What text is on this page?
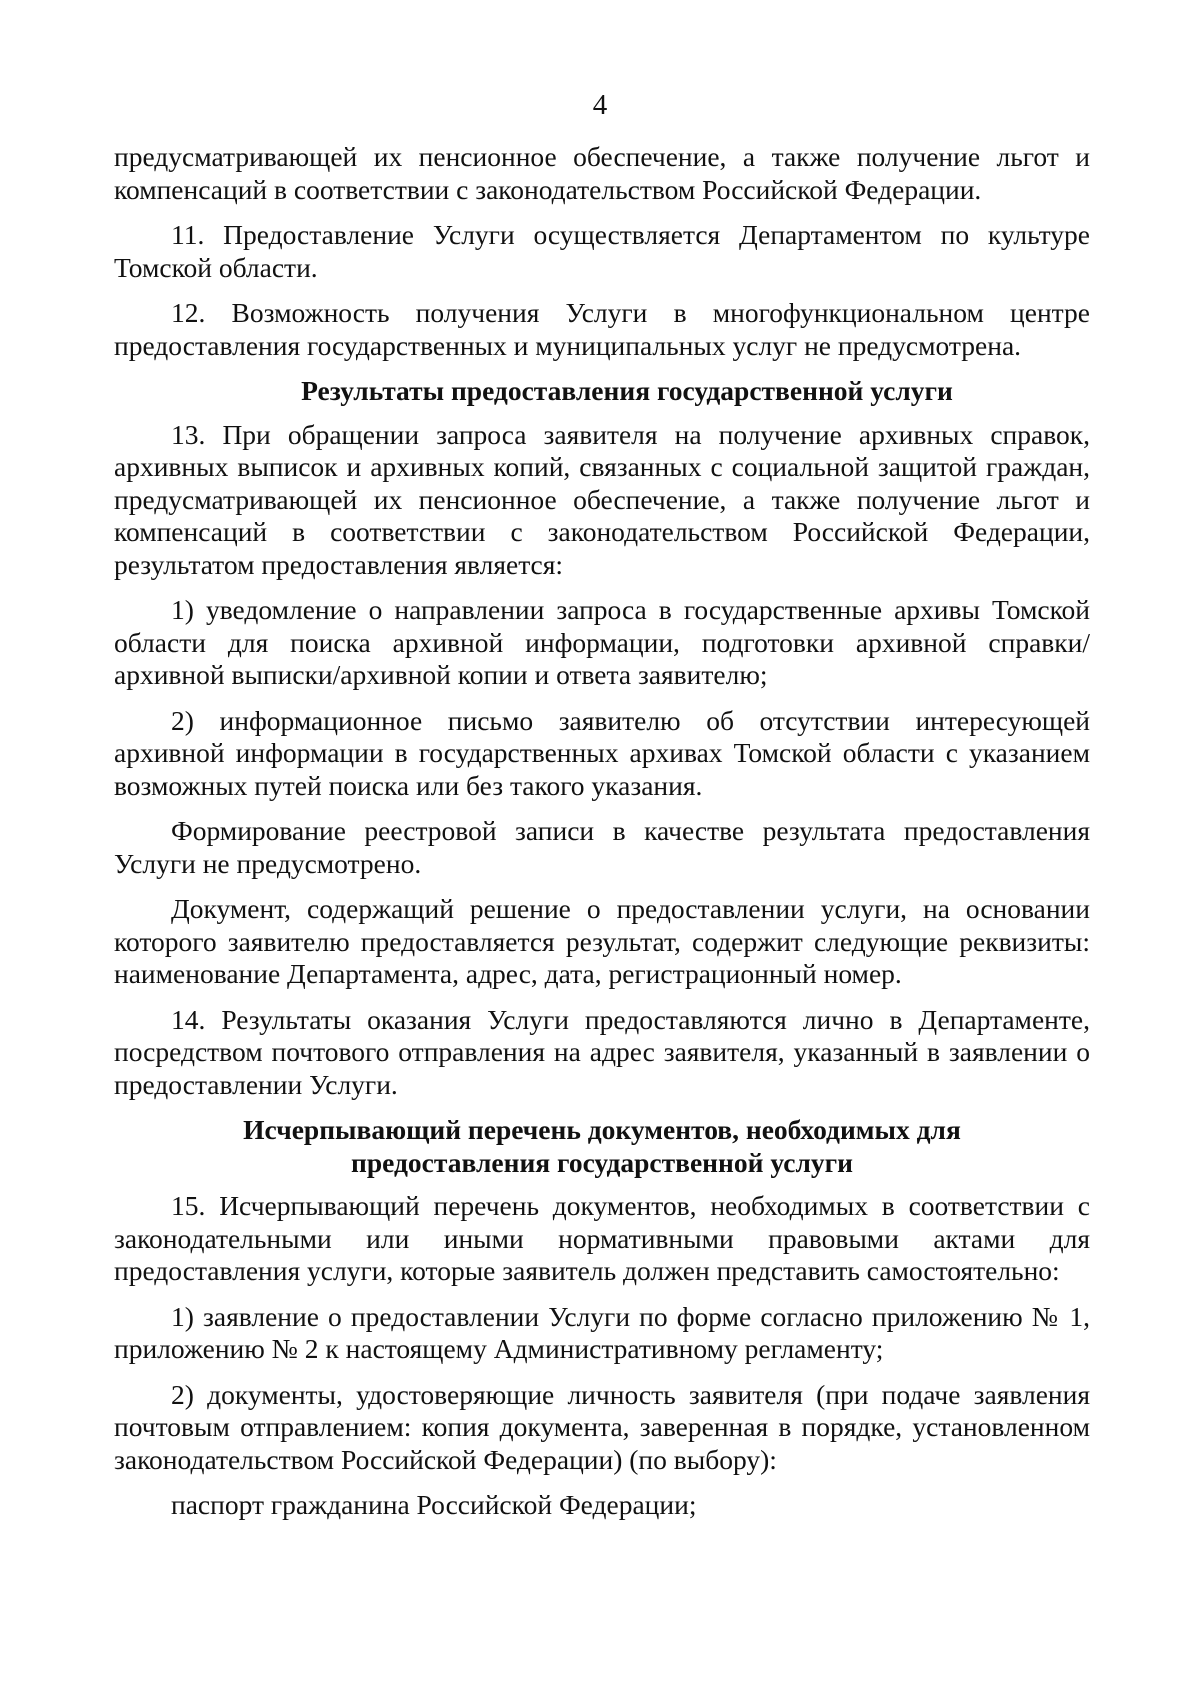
4

предусматривающей их пенсионное обеспечение, а также получение льгот и компенсаций в соответствии с законодательством Российской Федерации.

11. Предоставление Услуги осуществляется Департаментом по культуре Томской области.

12. Возможность получения Услуги в многофункциональном центре предоставления государственных и муниципальных услуг не предусмотрена.

Результаты предоставления государственной услуги

13. При обращении запроса заявителя на получение архивных справок, архивных выписок и архивных копий, связанных с социальной защитой граждан, предусматривающей их пенсионное обеспечение, а также получение льгот и компенсаций в соответствии с законодательством Российской Федерации, результатом предоставления является:

1) уведомление о направлении запроса в государственные архивы Томской области для поиска архивной информации, подготовки архивной справки/архивной выписки/архивной копии и ответа заявителю;

2) информационное письмо заявителю об отсутствии интересующей архивной информации в государственных архивах Томской области с указанием возможных путей поиска или без такого указания.

Формирование реестровой записи в качестве результата предоставления Услуги не предусмотрено.

Документ, содержащий решение о предоставлении услуги, на основании которого заявителю предоставляется результат, содержит следующие реквизиты: наименование Департамента, адрес, дата, регистрационный номер.

14. Результаты оказания Услуги предоставляются лично в Департаменте, посредством почтового отправления на адрес заявителя, указанный в заявлении о предоставлении Услуги.

Исчерпывающий перечень документов, необходимых для предоставления государственной услуги

15. Исчерпывающий перечень документов, необходимых в соответствии с законодательными или иными нормативными правовыми актами для предоставления услуги, которые заявитель должен представить самостоятельно:

1) заявление о предоставлении Услуги по форме согласно приложению № 1, приложению № 2 к настоящему Административному регламенту;

2) документы, удостоверяющие личность заявителя (при подаче заявления почтовым отправлением: копия документа, заверенная в порядке, установленном законодательством Российской Федерации) (по выбору):

паспорт гражданина Российской Федерации;
